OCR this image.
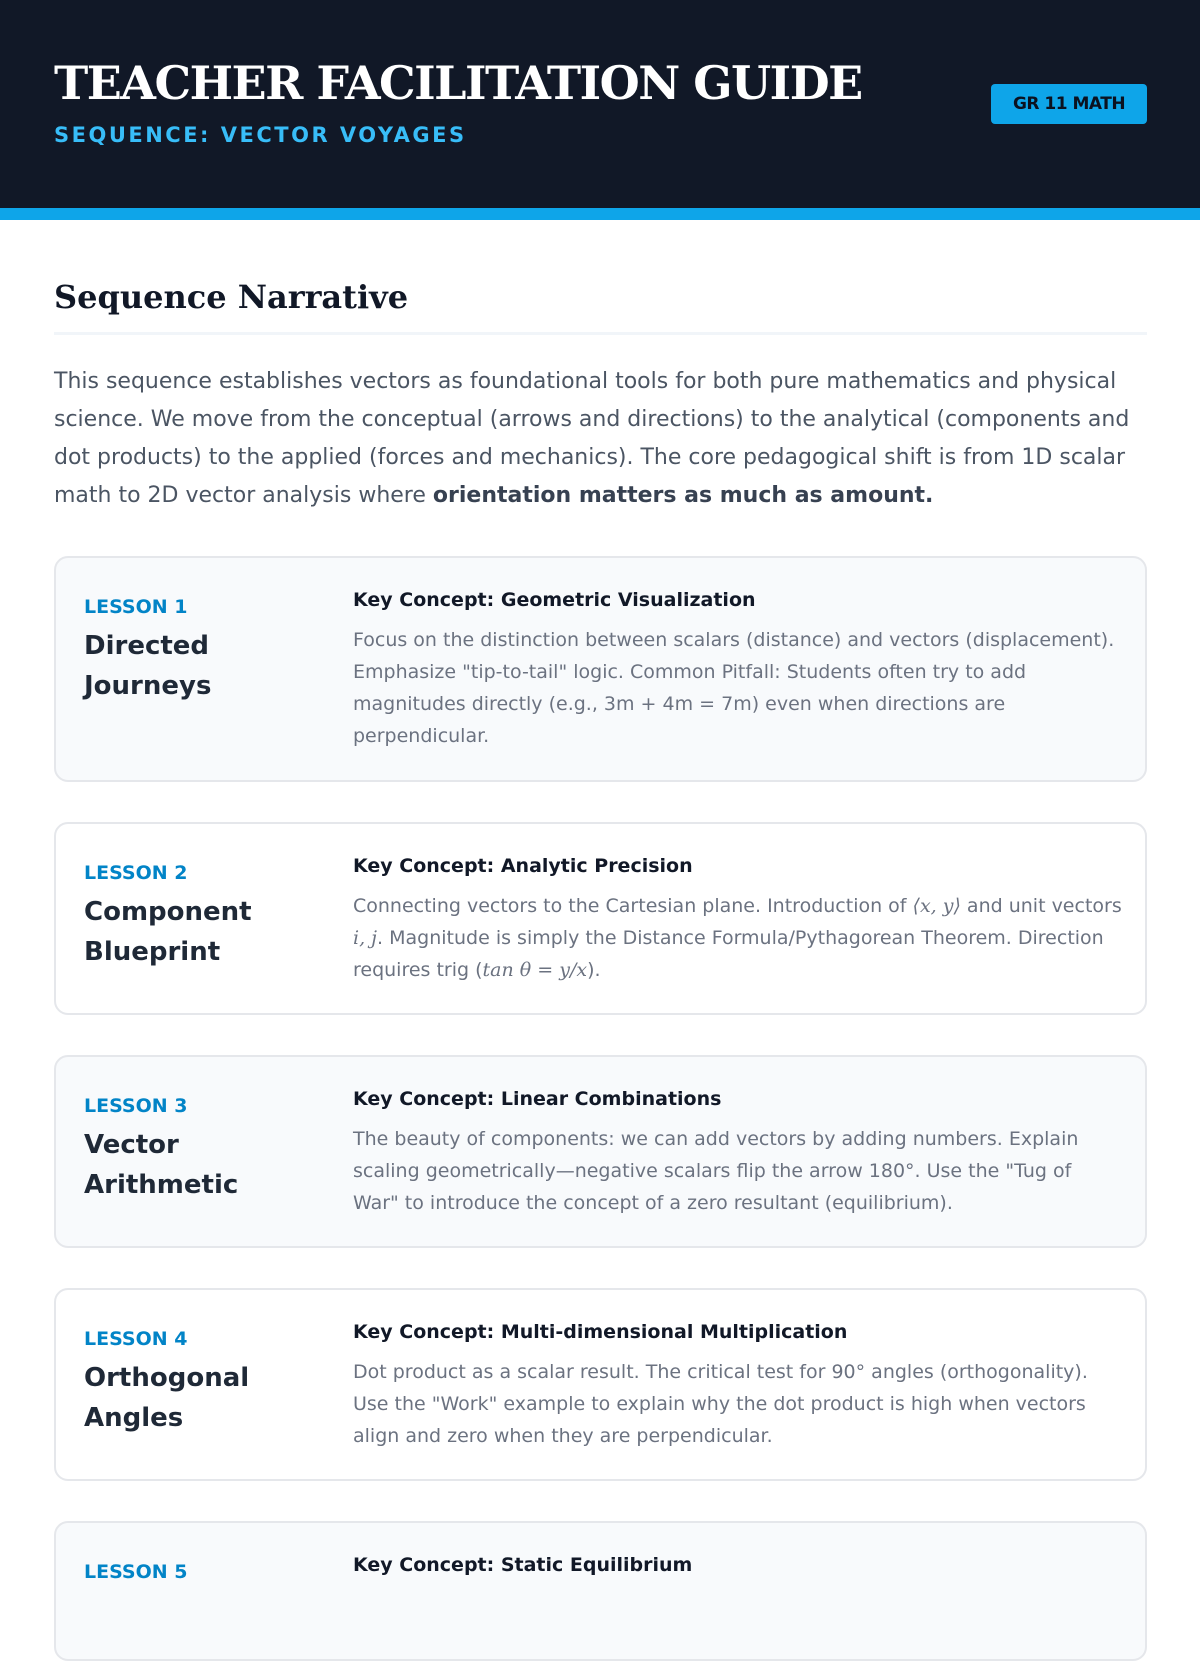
TEACHER FACILITATION GUIDE
SEQUENCE: VECTOR VOYAGES
GR 11 MATH
Sequence Narrative

This sequence establishes vectors as foundational tools for both pure mathematics and physical science. We move from the conceptual (arrows and directions) to the analytical (components and dot products) to the applied (forces and mechanics). The core pedagogical shift is from 1D scalar math to 2D vector analysis where orientation matters as much as amount.

LESSON 1
Directed Journeys
Key Concept: Geometric Visualization
Focus on the distinction between scalars (distance) and vectors (displacement). Emphasize "tip-to-tail" logic. Common Pitfall: Students often try to add magnitudes directly (e.g., 3m + 4m = 7m) even when directions are perpendicular.
LESSON 2
Component Blueprint
Key Concept: Analytic Precision
Connecting vectors to the Cartesian plane. Introduction of ⟨x, y⟩ and unit vectors i, j. Magnitude is simply the Distance Formula/Pythagorean Theorem. Direction requires trig (tan θ = y/x).
LESSON 3
Vector Arithmetic
Key Concept: Linear Combinations
The beauty of components: we can add vectors by adding numbers. Explain scaling geometrically—negative scalars flip the arrow 180°. Use the "Tug of War" to introduce the concept of a zero resultant (equilibrium).
LESSON 4
Orthogonal Angles
Key Concept: Multi-dimensional Multiplication
Dot product as a scalar result. The critical test for 90° angles (orthogonality). Use the "Work" example to explain why the dot product is high when vectors align and zero when they are perpendicular.
LESSON 5	Key Concept: Static Equilibrium
